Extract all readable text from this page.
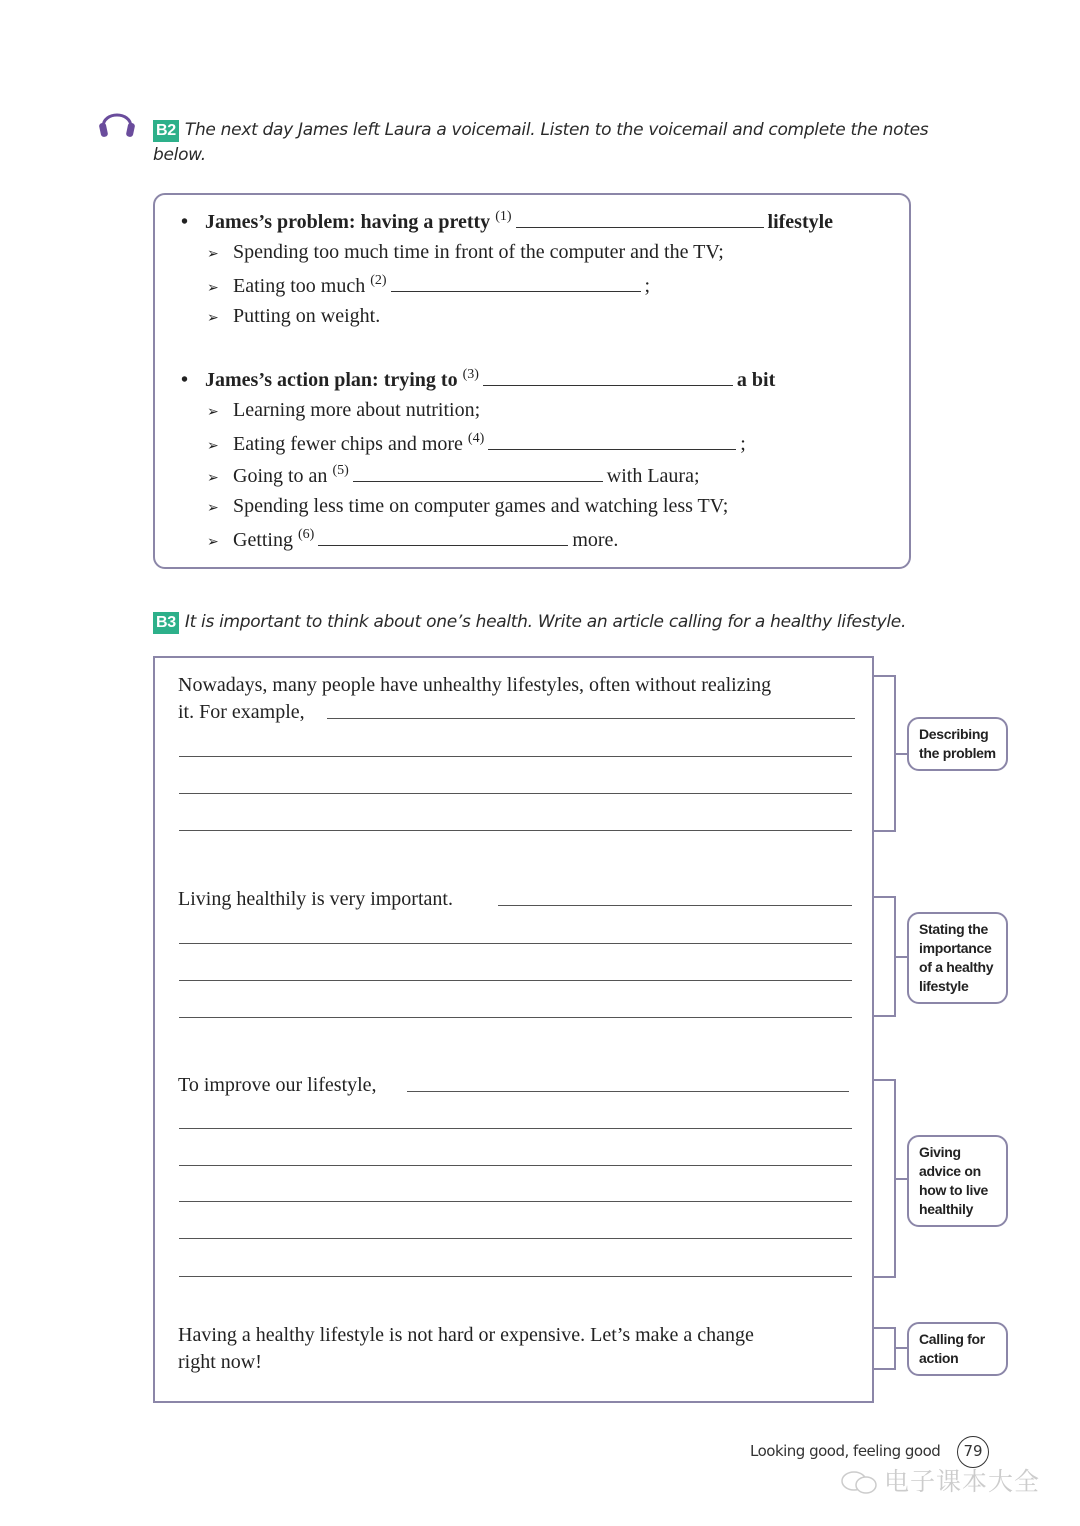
B2 The next day James left Laura a voicemail. Listen to the voicemail and complete the notes
below.
• James’s problem: having a pretty $^{(1)}$	lifestyle
➢ Spending too much time in front of the computer and the TV;
➢ Eating too much $^{(2)}$	;
➢ Putting on weight.
• James’s action plan: trying to $^{(3)}$	a bit
➢ Learning more about nutrition;
➢ Eating fewer chips and more $^{(4)}$	;
➢ Going to an $^{(5)}$	with Laura;
➢ Spending less time on computer games and watching less TV;
➢ Getting $^{(6)}$	more.
B3 It is important to think about one’s health. Write an article calling for a healthy lifestyle.
Nowadays, many people have unhealthy lifestyles, often without realizing
it. For example,
Living healthily is very important.
To improve our lifestyle,
Having a healthy lifestyle is not hard or expensive. Let’s make a change
right now!
Describing the problem
Stating the importance of a healthy lifestyle
Giving advice on how to live healthily
Calling for action
Looking good, feeling good	79
电子课本大全
